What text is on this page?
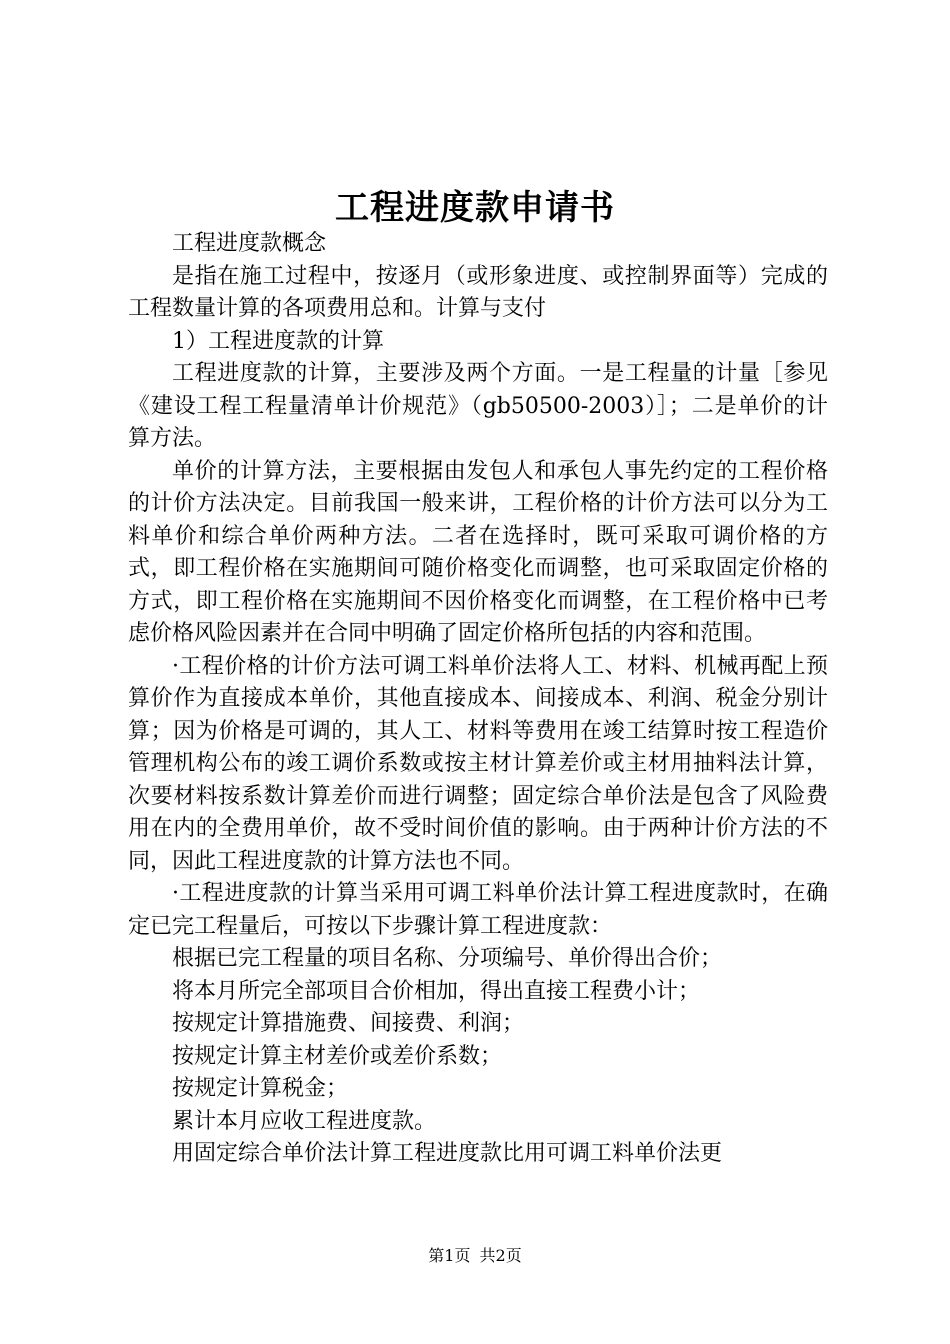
工程进度款申请书

工程进度款概念

是指在施工过程中，按逐月（或形象进度、或控制界面等）完成的工程数量计算的各项费用总和。计算与支付

1）工程进度款的计算

工程进度款的计算，主要涉及两个方面。一是工程量的计量［参见《建设工程工程量清单计价规范》（gb50500-2003）］；二是单价的计算方法。

单价的计算方法，主要根据由发包人和承包人事先约定的工程价格的计价方法决定。目前我国一般来讲，工程价格的计价方法可以分为工料单价和综合单价两种方法。二者在选择时，既可采取可调价格的方式，即工程价格在实施期间可随价格变化而调整，也可采取固定价格的方式，即工程价格在实施期间不因价格变化而调整，在工程价格中已考虑价格风险因素并在合同中明确了固定价格所包括的内容和范围。

·工程价格的计价方法可调工料单价法将人工、材料、机械再配上预算价作为直接成本单价，其他直接成本、间接成本、利润、税金分别计算；因为价格是可调的，其人工、材料等费用在竣工结算时按工程造价管理机构公布的竣工调价系数或按主材计算差价或主材用抽料法计算，次要材料按系数计算差价而进行调整；固定综合单价法是包含了风险费用在内的全费用单价，故不受时间价值的影响。由于两种计价方法的不同，因此工程进度款的计算方法也不同。

·工程进度款的计算当采用可调工料单价法计算工程进度款时，在确定已完工程量后，可按以下步骤计算工程进度款：

根据已完工程量的项目名称、分项编号、单价得出合价；

将本月所完全部项目合价相加，得出直接工程费小计；

按规定计算措施费、间接费、利润；

按规定计算主材差价或差价系数；

按规定计算税金；

累计本月应收工程进度款。

用固定综合单价法计算工程进度款比用可调工料单价法更

第1页 共2页
